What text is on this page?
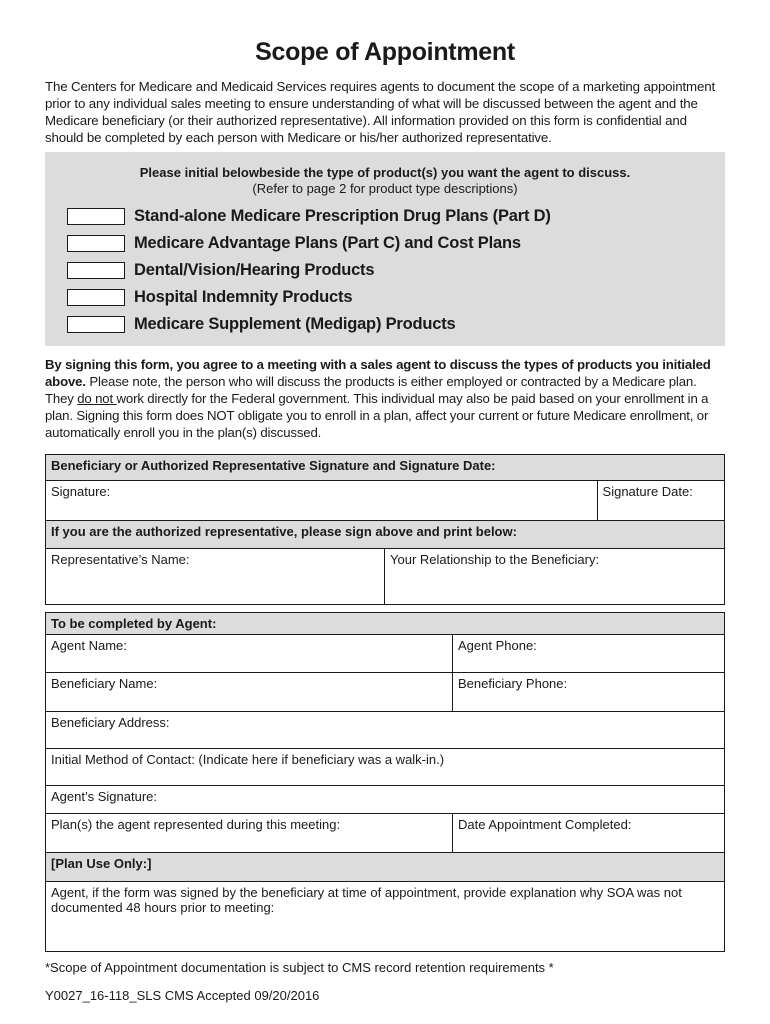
Scope of Appointment

The Centers for Medicare and Medicaid Services requires agents to document the scope of a marketing appointment prior to any individual sales meeting to ensure understanding of what will be discussed between the agent and the Medicare beneficiary (or their authorized representative). All information provided on this form is confidential and should be completed by each person with Medicare or his/her authorized representative.

Please initial belowbeside the type of product(s) you want the agent to discuss.
(Refer to page 2 for product type descriptions)
Stand-alone Medicare Prescription Drug Plans (Part D)
Medicare Advantage Plans (Part C) and Cost Plans
Dental/Vision/Hearing Products
Hospital Indemnity Products
Medicare Supplement (Medigap) Products

By signing this form, you agree to a meeting with a sales agent to discuss the types of products you initialed above. Please note, the person who will discuss the products is either employed or contracted by a Medicare plan. They do not work directly for the Federal government. This individual may also be paid based on your enrollment in a plan. Signing this form does NOT obligate you to enroll in a plan, affect your current or future Medicare enrollment, or automatically enroll you in the plan(s) discussed.

Beneficiary or Authorized Representative Signature and Signature Date:		
Signature:		Signature Date:
If you are the authorized representative, please sign above and print below:		
Representative’s Name:	Your Relationship to the Beneficiary:	
To be completed by Agent:	
Agent Name:	Agent Phone:
Beneficiary Name:	Beneficiary Phone:
Beneficiary Address:	
Initial Method of Contact: (Indicate here if beneficiary was a walk-in.)	
Agent’s Signature:	
Plan(s) the agent represented during this meeting:	Date Appointment Completed:
[Plan Use Only:]	
Agent, if the form was signed by the beneficiary at time of appointment, provide explanation why SOA was not documented 48 hours prior to meeting:	
*Scope of Appointment documentation is subject to CMS record retention requirements *
Y0027_16-118_SLS CMS Accepted 09/20/2016
